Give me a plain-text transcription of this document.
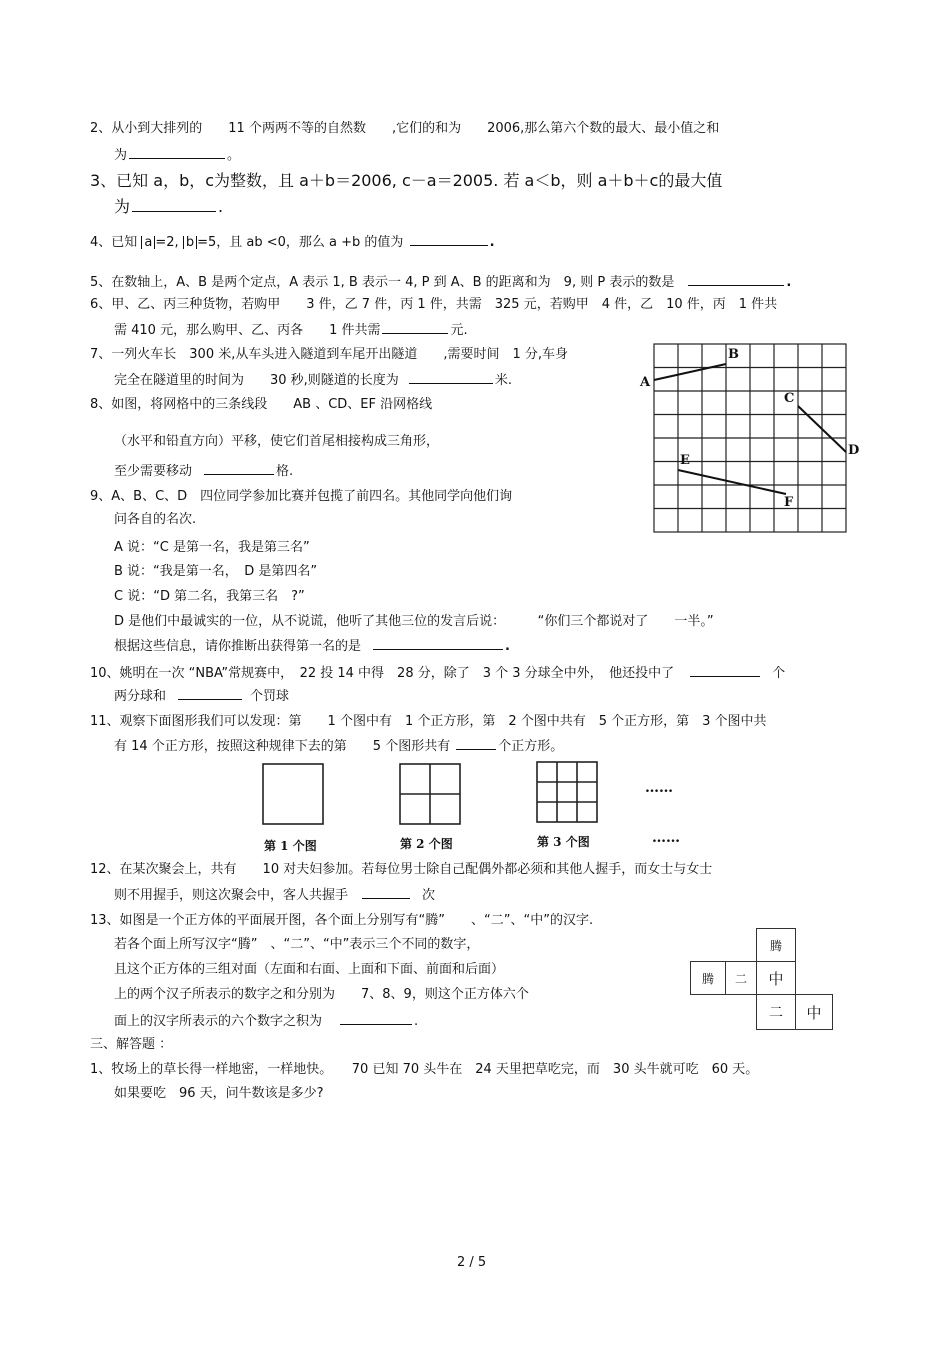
2、从小到大排列的　　11 个两两不等的自然数　　,它们的和为　　2006,那么第六个数的最大、最小值之和
为	。
3、已知 a，b，c为整数，且 a＋b＝2006, c－a＝2005. 若 a＜b，则 a＋b＋c的最大值
为	.
4、已知 a =2, b =5，且 ab <0，那么 a +b 的值为	.
5、在数轴上，A、B 是两个定点，A 表示 1, B 表示一 4, P 到 A、B 的距离和为　9, 则 P 表示的数是	.
6、甲、乙、丙三种货物，若购甲　　3 件，乙 7 件，丙 1 件，共需　325 元，若购甲　4 件，乙　10 件，丙　1 件共
需 410 元，那么购甲、乙、丙各　　1 件共需	元.
7、一列火车长　300 米,从车头进入隧道到车尾开出隧道　　,需要时间　1 分,车身
完全在隧道里的时间为　　30 秒,则隧道的长度为	米.
8、如图，将网格中的三条线段　　AB 、CD、EF 沿网格线
（水平和铅直方向）平移，使它们首尾相接构成三角形，
至少需要移动	格.
A
B
C
D
E
F
9、A、B、C、D　四位同学参加比赛并包揽了前四名。其他同学向他们询
问各自的名次.
A 说：“C 是第一名，我是第三名”
B 说：“我是第一名，　D 是第四名”
C 说：“D 第二名，我第三名　?”
D 是他们中最诚实的一位，从不说谎，他听了其他三位的发言后说：　　　“你们三个都说对了　　一半。”
根据这些信息，请你推断出获得第一名的是	.
10、姚明在一次 “NBA”常规赛中，　22 投 14 中得　28 分，除了　3 个 3 分球全中外，　他还投中了	个
两分球和	个罚球
11、观察下面图形我们可以发现：第　　1 个图中有　1 个正方形，第　2 个图中共有　5 个正方形，第　3 个图中共
有 14 个正方形，按照这种规律下去的第　　5 个图形共有	个正方形。
……
第 1 个图	第 2 个图	第 3 个图	……
12、在某次聚会上，共有　　10 对夫妇参加。若每位男士除自己配偶外都必须和其他人握手，而女士与女士
则不用握手，则这次聚会中，客人共握手	次
13、如图是一个正方体的平面展开图，各个面上分别写有“腾”　　、“二”、“中”的汉字.
若各个面上所写汉字“腾”　、“二”、“中”表示三个不同的数字，
且这个正方体的三组对面（左面和右面、上面和下面、前面和后面）
上的两个汉子所表示的数字之和分别为　　7、8、9，则这个正方体六个
面上的汉字所表示的六个数字之积为	.
腾
腾	二	中
二	中
三、解答题 ：
1、牧场上的草长得一样地密，一样地快。　　70 已知 70 头牛在　24 天里把草吃完，而　30 头牛就可吃　60 天。
如果要吃　96 天，问牛数该是多少?
2 / 5
